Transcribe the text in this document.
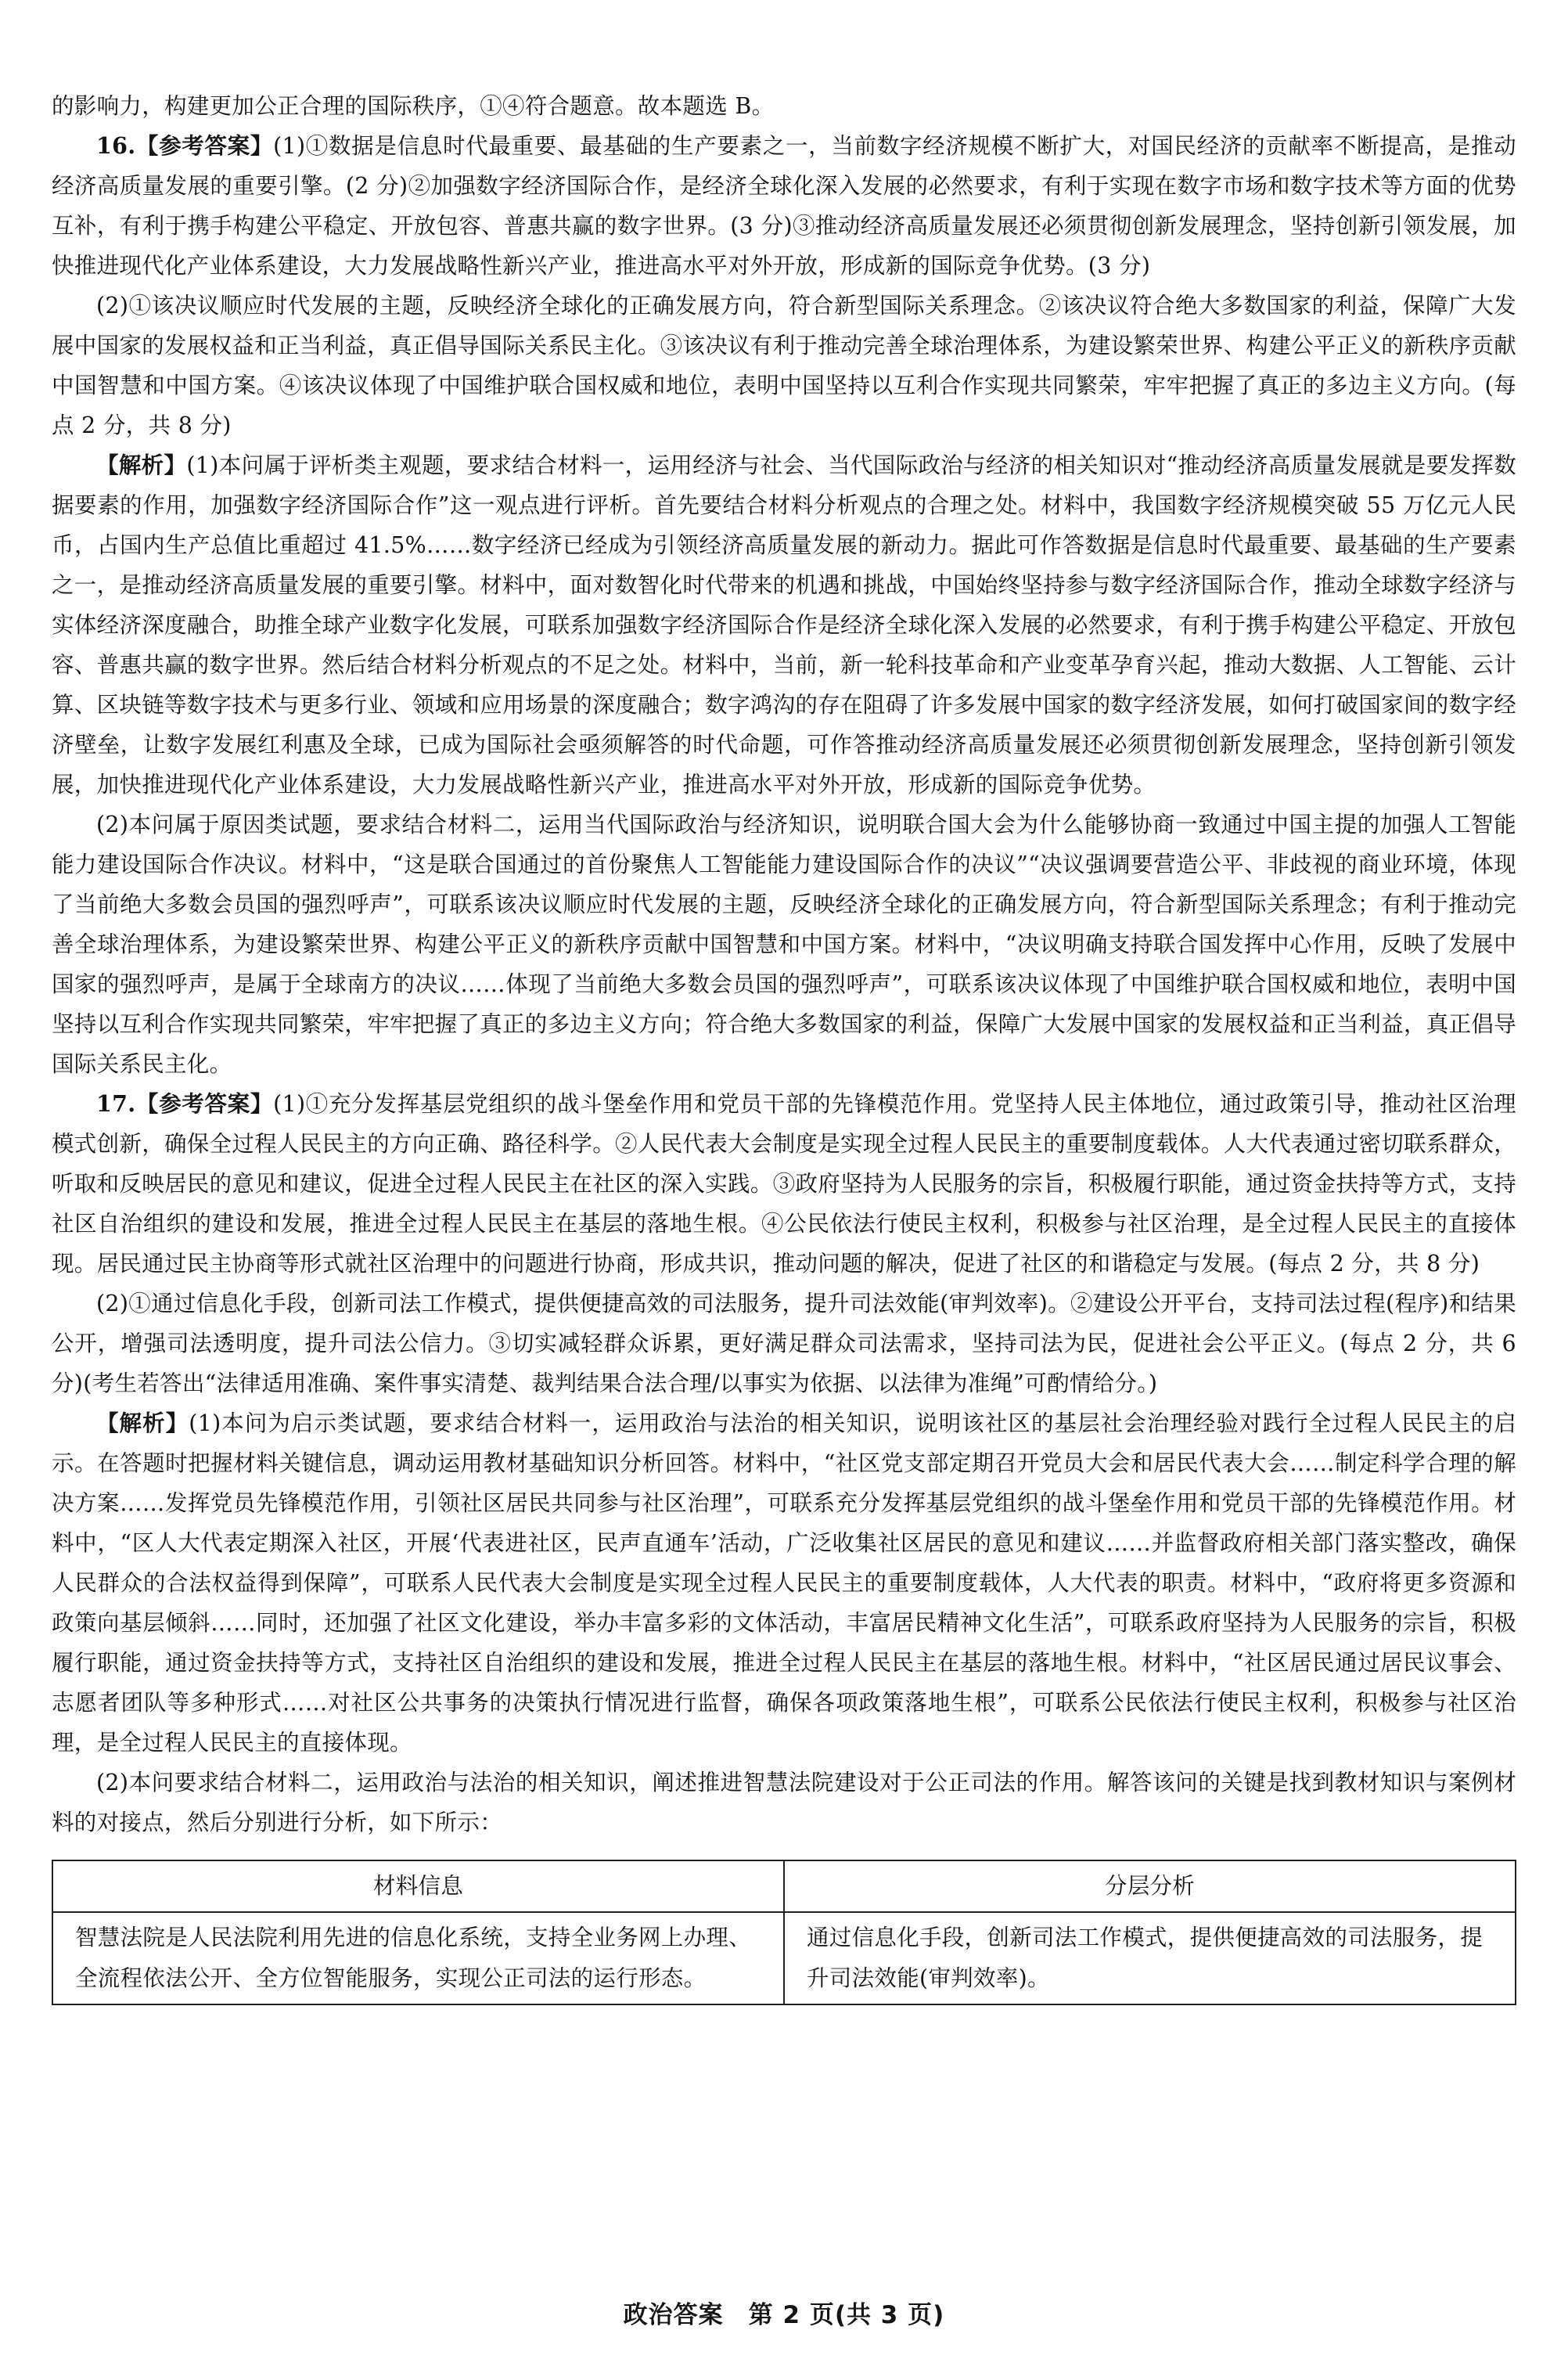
的影响力，构建更加公正合理的国际秩序，①④符合题意。故本题选 B。

16.【参考答案】(1)①数据是信息时代最重要、最基础的生产要素之一，当前数字经济规模不断扩大，对国民经济的贡献率不断提高，是推动经济高质量发展的重要引擎。(2 分)②加强数字经济国际合作，是经济全球化深入发展的必然要求，有利于实现在数字市场和数字技术等方面的优势互补，有利于携手构建公平稳定、开放包容、普惠共赢的数字世界。(3 分)③推动经济高质量发展还必须贯彻创新发展理念，坚持创新引领发展，加快推进现代化产业体系建设，大力发展战略性新兴产业，推进高水平对外开放，形成新的国际竞争优势。(3 分)

(2)①该决议顺应时代发展的主题，反映经济全球化的正确发展方向，符合新型国际关系理念。②该决议符合绝大多数国家的利益，保障广大发展中国家的发展权益和正当利益，真正倡导国际关系民主化。③该决议有利于推动完善全球治理体系，为建设繁荣世界、构建公平正义的新秩序贡献中国智慧和中国方案。④该决议体现了中国维护联合国权威和地位，表明中国坚持以互利合作实现共同繁荣，牢牢把握了真正的多边主义方向。(每点 2 分，共 8 分)

【解析】(1)本问属于评析类主观题，要求结合材料一，运用经济与社会、当代国际政治与经济的相关知识对“推动经济高质量发展就是要发挥数据要素的作用，加强数字经济国际合作”这一观点进行评析。首先要结合材料分析观点的合理之处。材料中，我国数字经济规模突破 55 万亿元人民币，占国内生产总值比重超过 41.5%……数字经济已经成为引领经济高质量发展的新动力。据此可作答数据是信息时代最重要、最基础的生产要素之一，是推动经济高质量发展的重要引擎。材料中，面对数智化时代带来的机遇和挑战，中国始终坚持参与数字经济国际合作，推动全球数字经济与实体经济深度融合，助推全球产业数字化发展，可联系加强数字经济国际合作是经济全球化深入发展的必然要求，有利于携手构建公平稳定、开放包容、普惠共赢的数字世界。然后结合材料分析观点的不足之处。材料中，当前，新一轮科技革命和产业变革孕育兴起，推动大数据、人工智能、云计算、区块链等数字技术与更多行业、领域和应用场景的深度融合；数字鸿沟的存在阻碍了许多发展中国家的数字经济发展，如何打破国家间的数字经济壁垒，让数字发展红利惠及全球，已成为国际社会亟须解答的时代命题，可作答推动经济高质量发展还必须贯彻创新发展理念，坚持创新引领发展，加快推进现代化产业体系建设，大力发展战略性新兴产业，推进高水平对外开放，形成新的国际竞争优势。

(2)本问属于原因类试题，要求结合材料二，运用当代国际政治与经济知识，说明联合国大会为什么能够协商一致通过中国主提的加强人工智能能力建设国际合作决议。材料中，“这是联合国通过的首份聚焦人工智能能力建设国际合作的决议”“决议强调要营造公平、非歧视的商业环境，体现了当前绝大多数会员国的强烈呼声”，可联系该决议顺应时代发展的主题，反映经济全球化的正确发展方向，符合新型国际关系理念；有利于推动完善全球治理体系，为建设繁荣世界、构建公平正义的新秩序贡献中国智慧和中国方案。材料中，“决议明确支持联合国发挥中心作用，反映了发展中国家的强烈呼声，是属于全球南方的决议……体现了当前绝大多数会员国的强烈呼声”，可联系该决议体现了中国维护联合国权威和地位，表明中国坚持以互利合作实现共同繁荣，牢牢把握了真正的多边主义方向；符合绝大多数国家的利益，保障广大发展中国家的发展权益和正当利益，真正倡导国际关系民主化。

17.【参考答案】(1)①充分发挥基层党组织的战斗堡垒作用和党员干部的先锋模范作用。党坚持人民主体地位，通过政策引导，推动社区治理模式创新，确保全过程人民民主的方向正确、路径科学。②人民代表大会制度是实现全过程人民民主的重要制度载体。人大代表通过密切联系群众，听取和反映居民的意见和建议，促进全过程人民民主在社区的深入实践。③政府坚持为人民服务的宗旨，积极履行职能，通过资金扶持等方式，支持社区自治组织的建设和发展，推进全过程人民民主在基层的落地生根。④公民依法行使民主权利，积极参与社区治理，是全过程人民民主的直接体现。居民通过民主协商等形式就社区治理中的问题进行协商，形成共识，推动问题的解决，促进了社区的和谐稳定与发展。(每点 2 分，共 8 分)

(2)①通过信息化手段，创新司法工作模式，提供便捷高效的司法服务，提升司法效能(审判效率)。②建设公开平台，支持司法过程(程序)和结果公开，增强司法透明度，提升司法公信力。③切实减轻群众诉累，更好满足群众司法需求，坚持司法为民，促进社会公平正义。(每点 2 分，共 6 分)(考生若答出“法律适用准确、案件事实清楚、裁判结果合法合理/以事实为依据、以法律为准绳”可酌情给分。)

【解析】(1)本问为启示类试题，要求结合材料一，运用政治与法治的相关知识，说明该社区的基层社会治理经验对践行全过程人民民主的启示。在答题时把握材料关键信息，调动运用教材基础知识分析回答。材料中，“社区党支部定期召开党员大会和居民代表大会……制定科学合理的解决方案……发挥党员先锋模范作用，引领社区居民共同参与社区治理”，可联系充分发挥基层党组织的战斗堡垒作用和党员干部的先锋模范作用。材料中，“区人大代表定期深入社区，开展‘代表进社区，民声直通车’活动，广泛收集社区居民的意见和建议……并监督政府相关部门落实整改，确保人民群众的合法权益得到保障”，可联系人民代表大会制度是实现全过程人民民主的重要制度载体，人大代表的职责。材料中，“政府将更多资源和政策向基层倾斜……同时，还加强了社区文化建设，举办丰富多彩的文体活动，丰富居民精神文化生活”，可联系政府坚持为人民服务的宗旨，积极履行职能，通过资金扶持等方式，支持社区自治组织的建设和发展，推进全过程人民民主在基层的落地生根。材料中，“社区居民通过居民议事会、志愿者团队等多种形式……对社区公共事务的决策执行情况进行监督，确保各项政策落地生根”，可联系公民依法行使民主权利，积极参与社区治理，是全过程人民民主的直接体现。

(2)本问要求结合材料二，运用政治与法治的相关知识，阐述推进智慧法院建设对于公正司法的作用。解答该问的关键是找到教材知识与案例材料的对接点，然后分别进行分析，如下所示：

材料信息	分层分析
智慧法院是人民法院利用先进的信息化系统，支持全业务网上办理、全流程依法公开、全方位智能服务，实现公正司法的运行形态。	通过信息化手段，创新司法工作模式，提供便捷高效的司法服务，提升司法效能(审判效率)。
政治答案　第 2 页(共 3 页)
